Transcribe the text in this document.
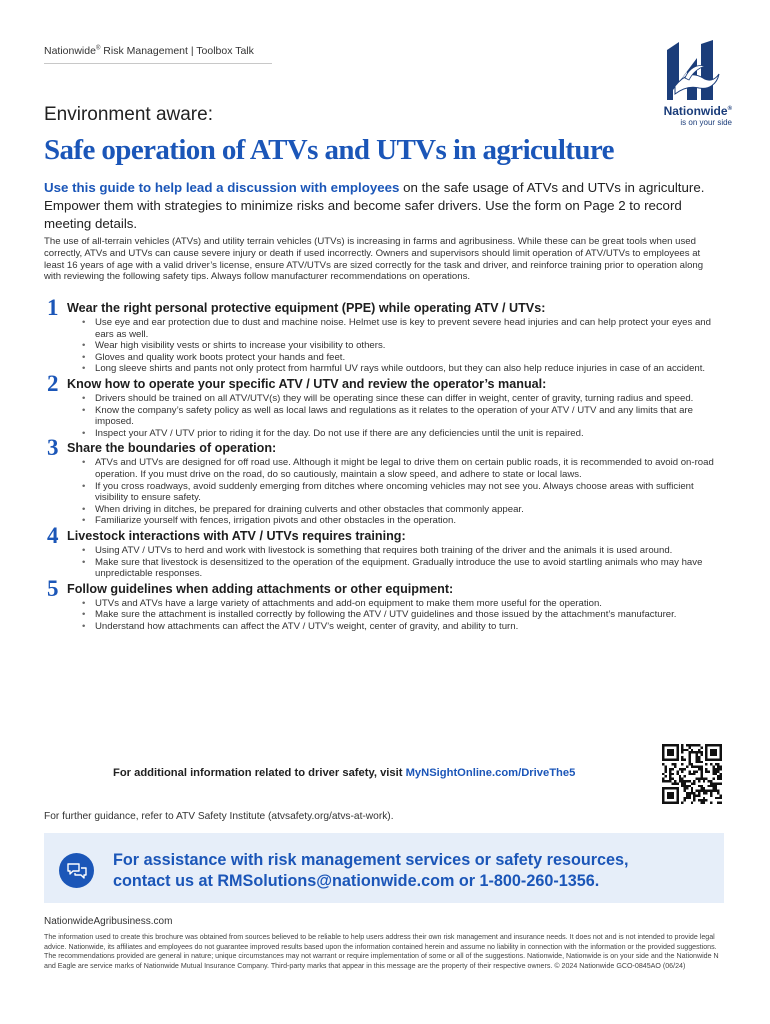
Nationwide® Risk Management | Toolbox Talk
Nationwide®
is on your side
Environment aware:
Safe operation of ATVs and UTVs in agriculture
Use this guide to help lead a discussion with employees on the safe usage of ATVs and UTVs in agriculture. Empower them with strategies to minimize risks and become safer drivers. Use the form on Page 2 to record meeting details.
The use of all-terrain vehicles (ATVs) and utility terrain vehicles (UTVs) is increasing in farms and agribusiness. While these can be great tools when used correctly, ATVs and UTVs can cause severe injury or death if used incorrectly. Owners and supervisors should limit operation of ATV/UTVs to employees at least 16 years of age with a valid driver’s license, ensure ATV/UTVs are sized correctly for the task and driver, and reinforce training prior to operation along with reviewing the following safety tips. Always follow manufacturer recommendations on operations.
1 Wear the right personal protective equipment (PPE) while operating ATV / UTVs:
• Use eye and ear protection due to dust and machine noise. Helmet use is key to prevent severe head injuries and can help protect your eyes and ears as well.
• Wear high visibility vests or shirts to increase your visibility to others.
• Gloves and quality work boots protect your hands and feet.
• Long sleeve shirts and pants not only protect from harmful UV rays while outdoors, but they can also help reduce injuries in case of an accident.
2 Know how to operate your specific ATV / UTV and review the operator’s manual:
• Drivers should be trained on all ATV/UTV(s) they will be operating since these can differ in weight, center of gravity, turning radius and speed.
• Know the company’s safety policy as well as local laws and regulations as it relates to the operation of your ATV / UTV and any limits that are imposed.
• Inspect your ATV / UTV prior to riding it for the day. Do not use if there are any deficiencies until the unit is repaired.
3 Share the boundaries of operation:
• ATVs and UTVs are designed for off road use. Although it might be legal to drive them on certain public roads, it is recommended to avoid on-road operation. If you must drive on the road, do so cautiously, maintain a slow speed, and adhere to state or local laws.
• If you cross roadways, avoid suddenly emerging from ditches where oncoming vehicles may not see you. Always choose areas with sufficient visibility to ensure safety.
• When driving in ditches, be prepared for draining culverts and other obstacles that commonly appear.
• Familiarize yourself with fences, irrigation pivots and other obstacles in the operation.
4 Livestock interactions with ATV / UTVs requires training:
• Using ATV / UTVs to herd and work with livestock is something that requires both training of the driver and the animals it is used around.
• Make sure that livestock is desensitized to the operation of the equipment. Gradually introduce the use to avoid startling animals who may have unpredictable responses.
5 Follow guidelines when adding attachments or other equipment:
• UTVs and ATVs have a large variety of attachments and add-on equipment to make them more useful for the operation.
• Make sure the attachment is installed correctly by following the ATV / UTV guidelines and those issued by the attachment’s manufacturer.
• Understand how attachments can affect the ATV / UTV’s weight, center of gravity, and ability to turn.
For additional information related to driver safety, visit MyNSightOnline.com/DriveThe5
For further guidance, refer to ATV Safety Institute (atvsafety.org/atvs-at-work).
For assistance with risk management services or safety resources,
contact us at RMSolutions@nationwide.com or 1-800-260-1356.
NationwideAgribusiness.com
The information used to create this brochure was obtained from sources believed to be reliable to help users address their own risk management and insurance needs. It does not and is not intended to provide legal advice. Nationwide, its affiliates and employees do not guarantee improved results based upon the information contained herein and assume no liability in connection with the information or the provided suggestions. The recommendations provided are general in nature; unique circumstances may not warrant or require implementation of some or all of the suggestions. Nationwide, Nationwide is on your side and the Nationwide N and Eagle are service marks of Nationwide Mutual Insurance Company. Third-party marks that appear in this message are the property of their respective owners. © 2024 Nationwide GCO-0845AO (06/24)
